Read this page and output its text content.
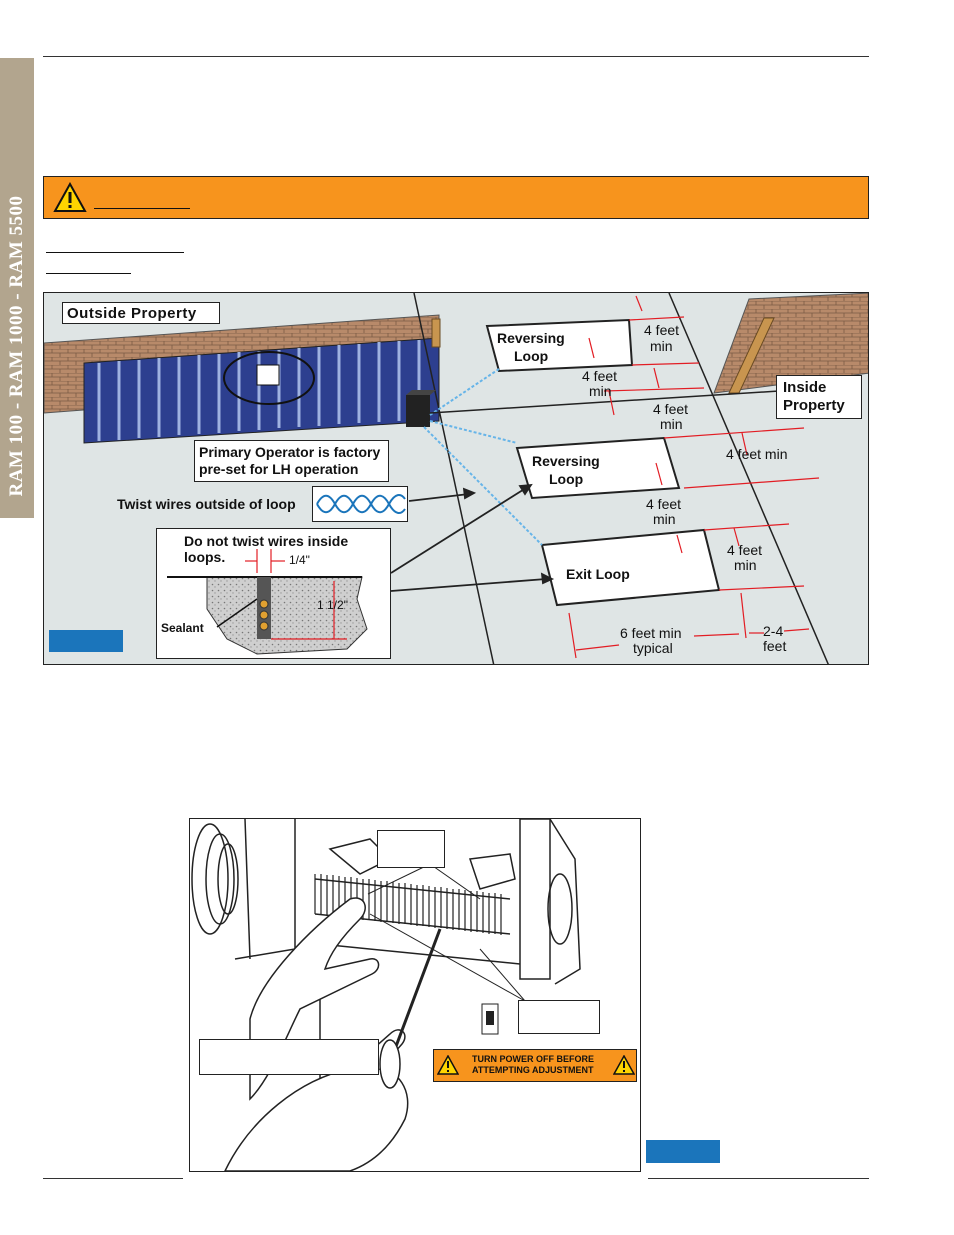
RAM 100 - RAM 1000 - RAM 5500	Outside Property
Inside
Property
Reversing
Loop
Reversing
Loop
Exit Loop
4 feet
min
4 feet
min
4 feet
min
4 feet min
4 feet
min
4 feet
min
6 feet min
typical
2-4
feet
Primary Operator is factory
pre-set for LH operation
Twist wires outside of loop
Do not twist wires inside
loops.	1/4"
1 1/2"
Sealant
TURN POWER OFF BEFORE
ATTEMPTING ADJUSTMENT
